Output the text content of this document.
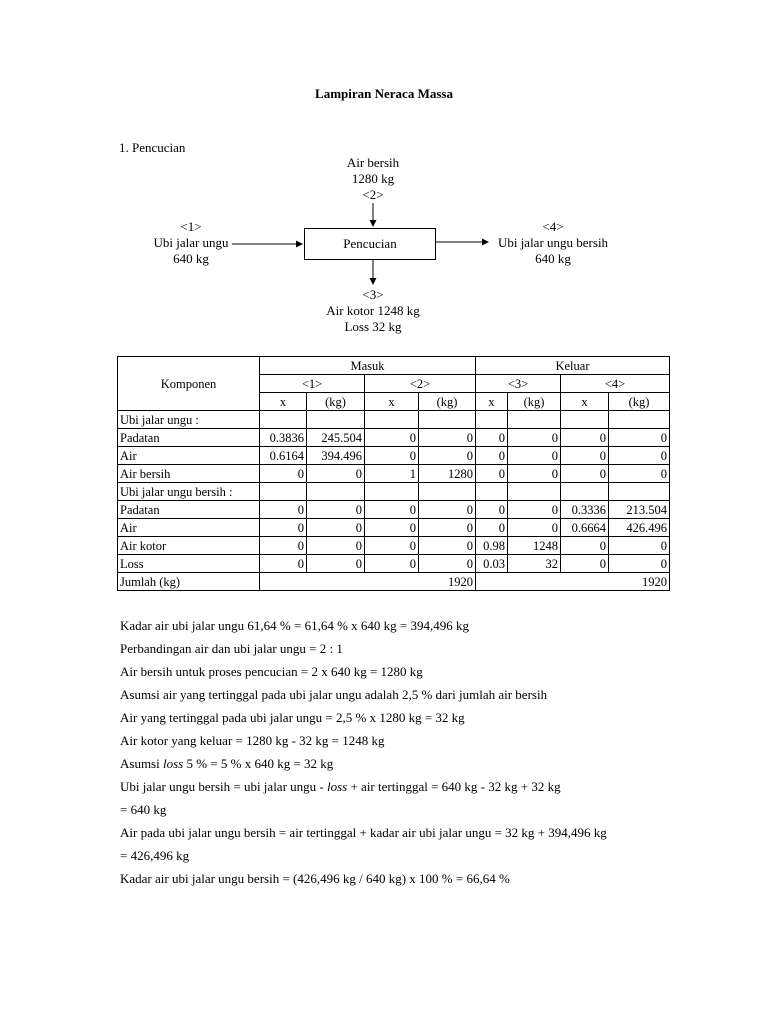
Lampiran Neraca Massa
1. Pencucian
Air bersih
1280 kg
<2>
<1>
Ubi jalar ungu
640 kg
Pencucian
<4>
Ubi jalar ungu bersih
640 kg
<3>
Air kotor 1248 kg
Loss 32 kg
Komponen	Masuk				Keluar			
	<1>		<2>		<3>		<4>	
	x	(kg)	x	(kg)	x	(kg)	x	(kg)
Ubi jalar ungu :								
Padatan	0.3836	245.504	0	0	0	0	0	0
Air	0.6164	394.496	0	0	0	0	0	0
Air bersih	0	0	1	1280	0	0	0	0
Ubi jalar ungu bersih :								
Padatan	0	0	0	0	0	0	0.3336	213.504
Air	0	0	0	0	0	0	0.6664	426.496
Air kotor	0	0	0	0	0.98	1248	0	0
Loss	0	0	0	0	0.03	32	0	0
Jumlah (kg)	1920				1920			
Kadar air ubi jalar ungu 61,64 % = 61,64 % x 640 kg = 394,496 kg
Perbandingan air dan ubi jalar ungu = 2 : 1
Air bersih untuk proses pencucian = 2 x 640 kg = 1280 kg
Asumsi air yang tertinggal pada ubi jalar ungu adalah 2,5 % dari jumlah air bersih
Air yang tertinggal pada ubi jalar ungu = 2,5 % x 1280 kg = 32 kg
Air kotor yang keluar = 1280 kg - 32 kg = 1248 kg
Asumsi loss 5 % = 5 % x 640 kg = 32 kg
Ubi jalar ungu bersih = ubi jalar ungu - loss + air tertinggal = 640 kg - 32 kg + 32 kg
= 640 kg
Air pada ubi jalar ungu bersih = air tertinggal + kadar air ubi jalar ungu = 32 kg + 394,496 kg
= 426,496 kg
Kadar air ubi jalar ungu bersih = (426,496 kg / 640 kg) x 100 % = 66,64 %
